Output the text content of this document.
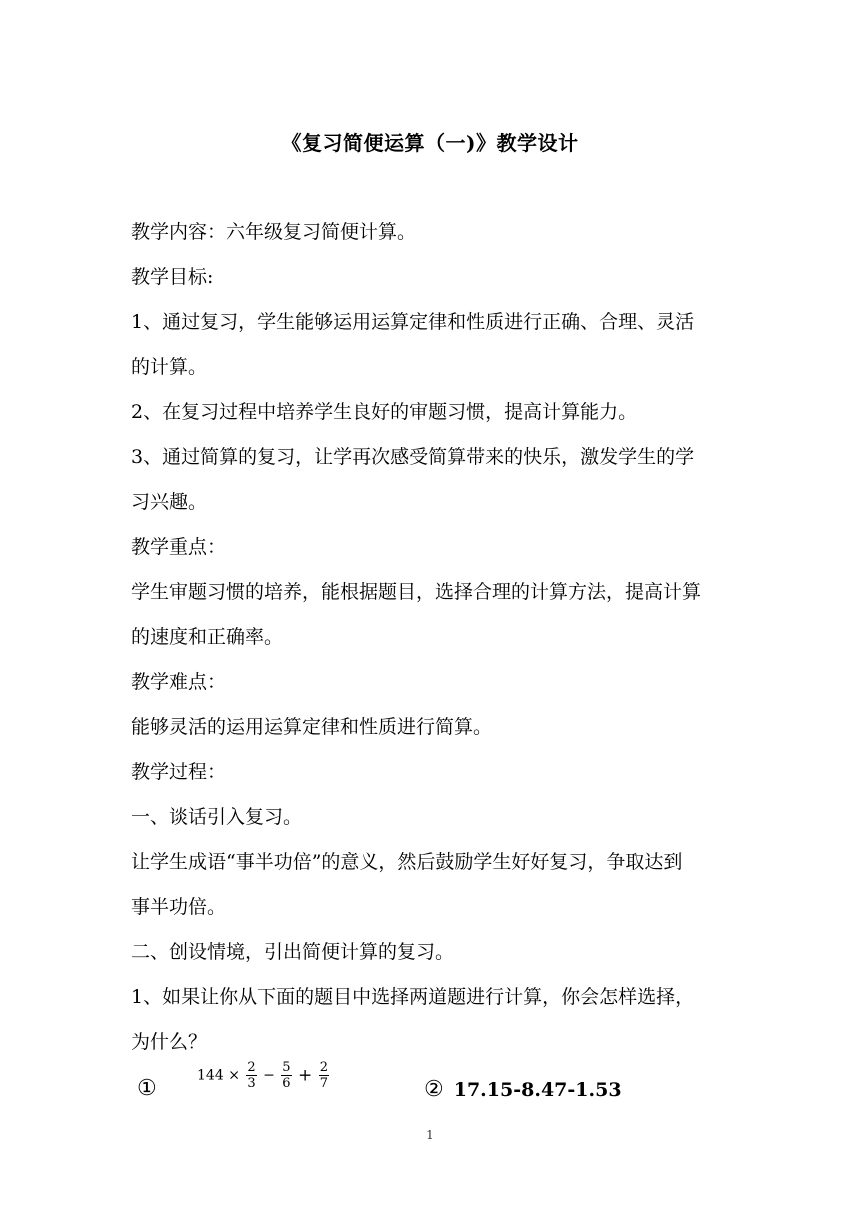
《复习简便运算（一)》教学设计
教学内容：六年级复习简便计算。
教学目标:
1、通过复习，学生能够运用运算定律和性质进行正确、合理、灵活
的计算。
2、在复习过程中培养学生良好的审题习惯，提高计算能力。
3、通过简算的复习，让学再次感受简算带来的快乐，激发学生的学
习兴趣。
教学重点：
学生审题习惯的培养，能根据题目，选择合理的计算方法，提高计算
的速度和正确率。
教学难点：
能够灵活的运用运算定律和性质进行简算。
教学过程：
一、谈话引入复习。
让学生成语“事半功倍”的意义，然后鼓励学生好好复习，争取达到
事半功倍。
二、创设情境，引出简便计算的复习。
1、如果让你从下面的题目中选择两道题进行计算，你会怎样选择，
为什么？
①
$144 \times \frac{2}{3} - \frac{5}{6} + \frac{2}{7}$	② 17.15-8.47-1.53
1
